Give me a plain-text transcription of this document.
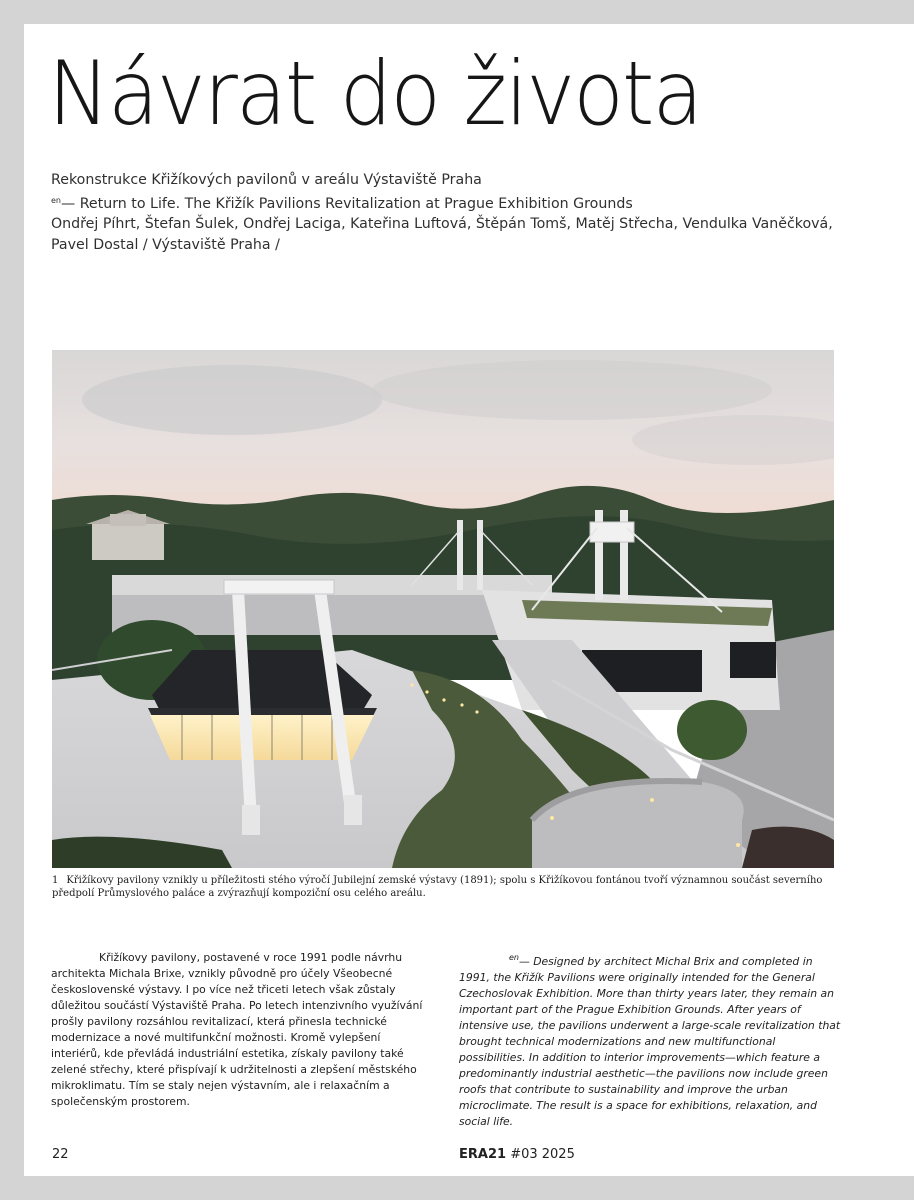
Návrat do života
Rekonstrukce Křižíkových pavilonů v areálu Výstaviště Praha
$^{en}$— Return to Life. The Křižík Pavilions Revitalization at Prague Exhibition Grounds
Ondřej Píhrt, Štefan Šulek, Ondřej Laciga, Kateřina Luftová, Štěpán Tomš, Matěj Střecha, Vendulka Vaněčková, Pavel Dostal / Výstaviště Praha /
1 Křižíkovy pavilony vznikly u příležitosti stého výročí Jubilejní zemské výstavy (1891); spolu s Křižíkovou fontánou tvoří významnou součást severního předpolí Průmyslového paláce a zvýrazňují kompoziční osu celého areálu.
Křižíkovy pavilony, postavené v roce 1991 podle návrhu architekta Michala Brixe, vznikly původně pro účely Všeobecné československé výstavy. I po více než třiceti letech však zůstaly důležitou součástí Výstaviště Praha. Po letech intenzivního využívání prošly pavilony rozsáhlou revitalizací, která přinesla technické modernizace a nové multifunkční možnosti. Kromě vylepšení interiérů, kde převládá industriální estetika, získaly pavilony také zelené střechy, které přispívají k udržitelnosti a zlepšení městského mikroklimatu. Tím se staly nejen výstavním, ale i relaxačním a společenským prostorem.
$^{en}$— Designed by architect Michal Brix and completed in 1991, the Křižík Pavilions were originally intended for the General Czechoslovak Exhibition. More than thirty years later, they remain an important part of the Prague Exhibition Grounds. After years of intensive use, the pavilions underwent a large-scale revitalization that brought technical modernizations and new multifunctional possibilities. In addition to interior improvements—which feature a predominantly industrial aesthetic—the pavilions now include green roofs that contribute to sustainability and improve the urban microclimate. The result is a space for exhibitions, relaxation, and social life.
22	ERA21 #03 2025
